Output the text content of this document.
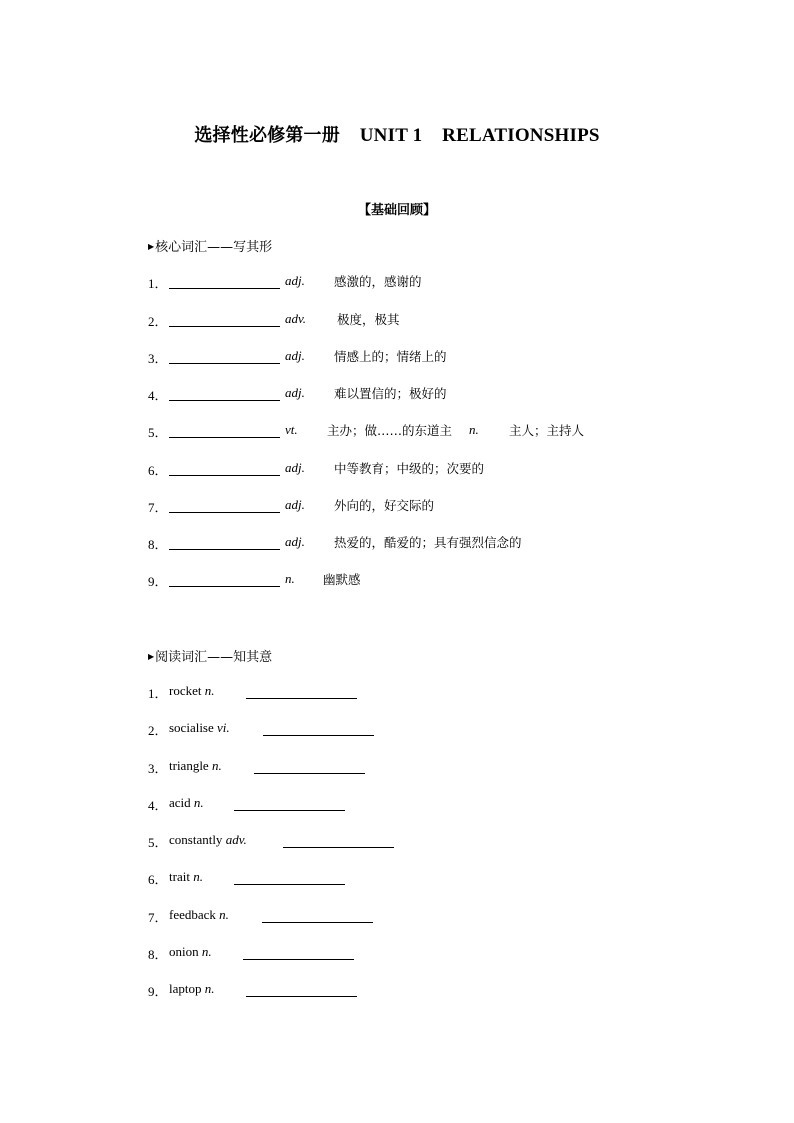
选择性必修第一册 UNIT 1    RELATIONSHIPS
【基础回顾】
▶核心词汇——写其形
1．	adj. 感激的，感谢的
2．	adv. 极度，极其
3．	adj. 情感上的；情绪上的
4．	adj. 难以置信的；极好的
5．	vt. 主办；做……的东道主 n. 主人；主持人
6．	adj. 中等教育；中级的；次要的
7．	adj. 外向的，好交际的
8．	adj. 热爱的，酷爱的；具有强烈信念的
9．	n. 幽默感
▶阅读词汇——知其意
1． rocket n.
2． socialise vi.
3． triangle n.
4． acid n.
5． constantly adv.
6． trait n.
7． feedback n.
8． onion n.
9． laptop n.
